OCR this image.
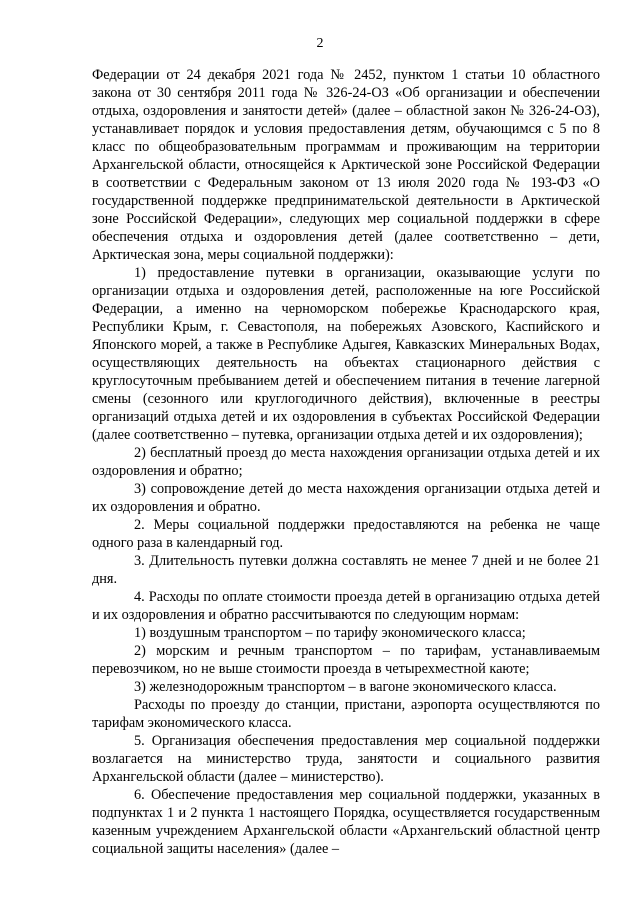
2

Федерации от 24 декабря 2021 года № 2452, пунктом 1 статьи 10 областного закона от 30 сентября 2011 года № 326-24-ОЗ «Об организации и обеспечении отдыха, оздоровления и занятости детей» (далее – областной закон № 326-24-ОЗ), устанавливает порядок и условия предоставления детям, обучающимся с 5 по 8 класс по общеобразовательным программам и проживающим на территории Архангельской области, относящейся к Арктической зоне Российской Федерации в соответствии с Федеральным законом от 13 июля 2020 года № 193-ФЗ «О государственной поддержке предпринимательской деятельности в Арктической зоне Российской Федерации», следующих мер социальной поддержки в сфере обеспечения отдыха и оздоровления детей (далее соответственно – дети, Арктическая зона, меры социальной поддержки):

1) предоставление путевки в организации, оказывающие услуги по организации отдыха и оздоровления детей, расположенные на юге Российской Федерации, а именно на черноморском побережье Краснодарского края, Республики Крым, г. Севастополя, на побережьях Азовского, Каспийского и Японского морей, а также в Республике Адыгея, Кавказских Минеральных Водах, осуществляющих деятельность на объектах стационарного действия с круглосуточным пребыванием детей и обеспечением питания в течение лагерной смены (сезонного или круглогодичного действия), включенные в реестры организаций отдыха детей и их оздоровления в субъектах Российской Федерации (далее соответственно – путевка, организации отдыха детей и их оздоровления);

2) бесплатный проезд до места нахождения организации отдыха детей и их оздоровления и обратно;

3) сопровождение детей до места нахождения организации отдыха детей и их оздоровления и обратно.

2. Меры социальной поддержки предоставляются на ребенка не чаще одного раза в календарный год.

3. Длительность путевки должна составлять не менее 7 дней и не более 21 дня.

4. Расходы по оплате стоимости проезда детей в организацию отдыха детей и их оздоровления и обратно рассчитываются по следующим нормам:

1) воздушным транспортом – по тарифу экономического класса;

2) морским и речным транспортом – по тарифам, устанавливаемым перевозчиком, но не выше стоимости проезда в четырехместной каюте;

3) железнодорожным транспортом – в вагоне экономического класса.

Расходы по проезду до станции, пристани, аэропорта осуществляются по тарифам экономического класса.

5. Организация обеспечения предоставления мер социальной поддержки возлагается на министерство труда, занятости и социального развития Архангельской области (далее – министерство).

6. Обеспечение предоставления мер социальной поддержки, указанных в подпунктах 1 и 2 пункта 1 настоящего Порядка, осуществляется государственным казенным учреждением Архангельской области «Архангельский областной центр социальной защиты населения» (далее –
